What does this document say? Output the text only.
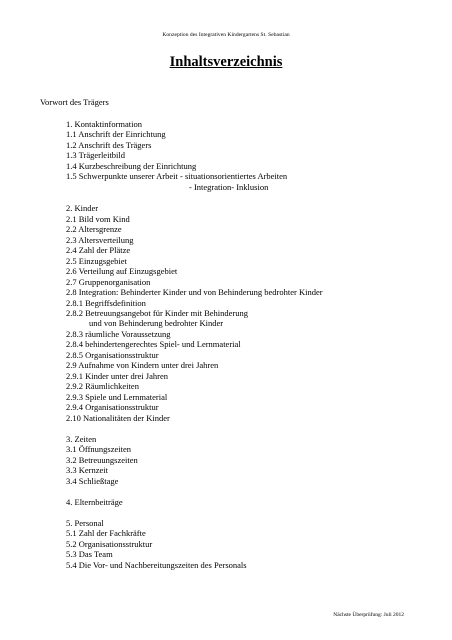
Konzeption des Integrativen Kindergartens St. Sebastian
Inhaltsverzeichnis
Vorwort des Trägers
1. Kontaktinformation
1.1 Anschrift der Einrichtung
1.2 Anschrift des Trägers
1.3 Trägerleitbild
1.4 Kurzbeschreibung der Einrichtung
1.5 Schwerpunkte unserer Arbeit - situationsorientiertes Arbeiten
- Integration- Inklusion
2. Kinder
2.1 Bild vom Kind
2.2 Altersgrenze
2.3 Altersverteilung
2.4 Zahl der Plätze
2.5 Einzugsgebiet
2.6 Verteilung auf Einzugsgebiet
2.7 Gruppenorganisation
2.8 Integration: Behinderter Kinder und von Behinderung bedrohter Kinder
2.8.1 Begriffsdefinition
2.8.2 Betreuungsangebot für Kinder mit Behinderung
und von Behinderung bedrohter Kinder
2.8.3 räumliche Voraussetzung
2.8.4 behindertengerechtes Spiel- und Lernmaterial
2.8.5 Organisationsstruktur
2.9 Aufnahme von Kindern unter drei Jahren
2.9.1 Kinder unter drei Jahren
2.9.2 Räumlichkeiten
2.9.3 Spiele und Lernmaterial
2.9.4 Organisationsstruktur
2.10 Nationalitäten der Kinder
3. Zeiten
3.1 Öffnungszeiten
3.2 Betreuungszeiten
3.3 Kernzeit
3.4 Schließtage
4. Elternbeiträge
5. Personal
5.1 Zahl der Fachkräfte
5.2 Organisationsstruktur
5.3 Das Team
5.4 Die Vor- und Nachbereitungszeiten des Personals
Nächste Überprüfung: Juli 2012
